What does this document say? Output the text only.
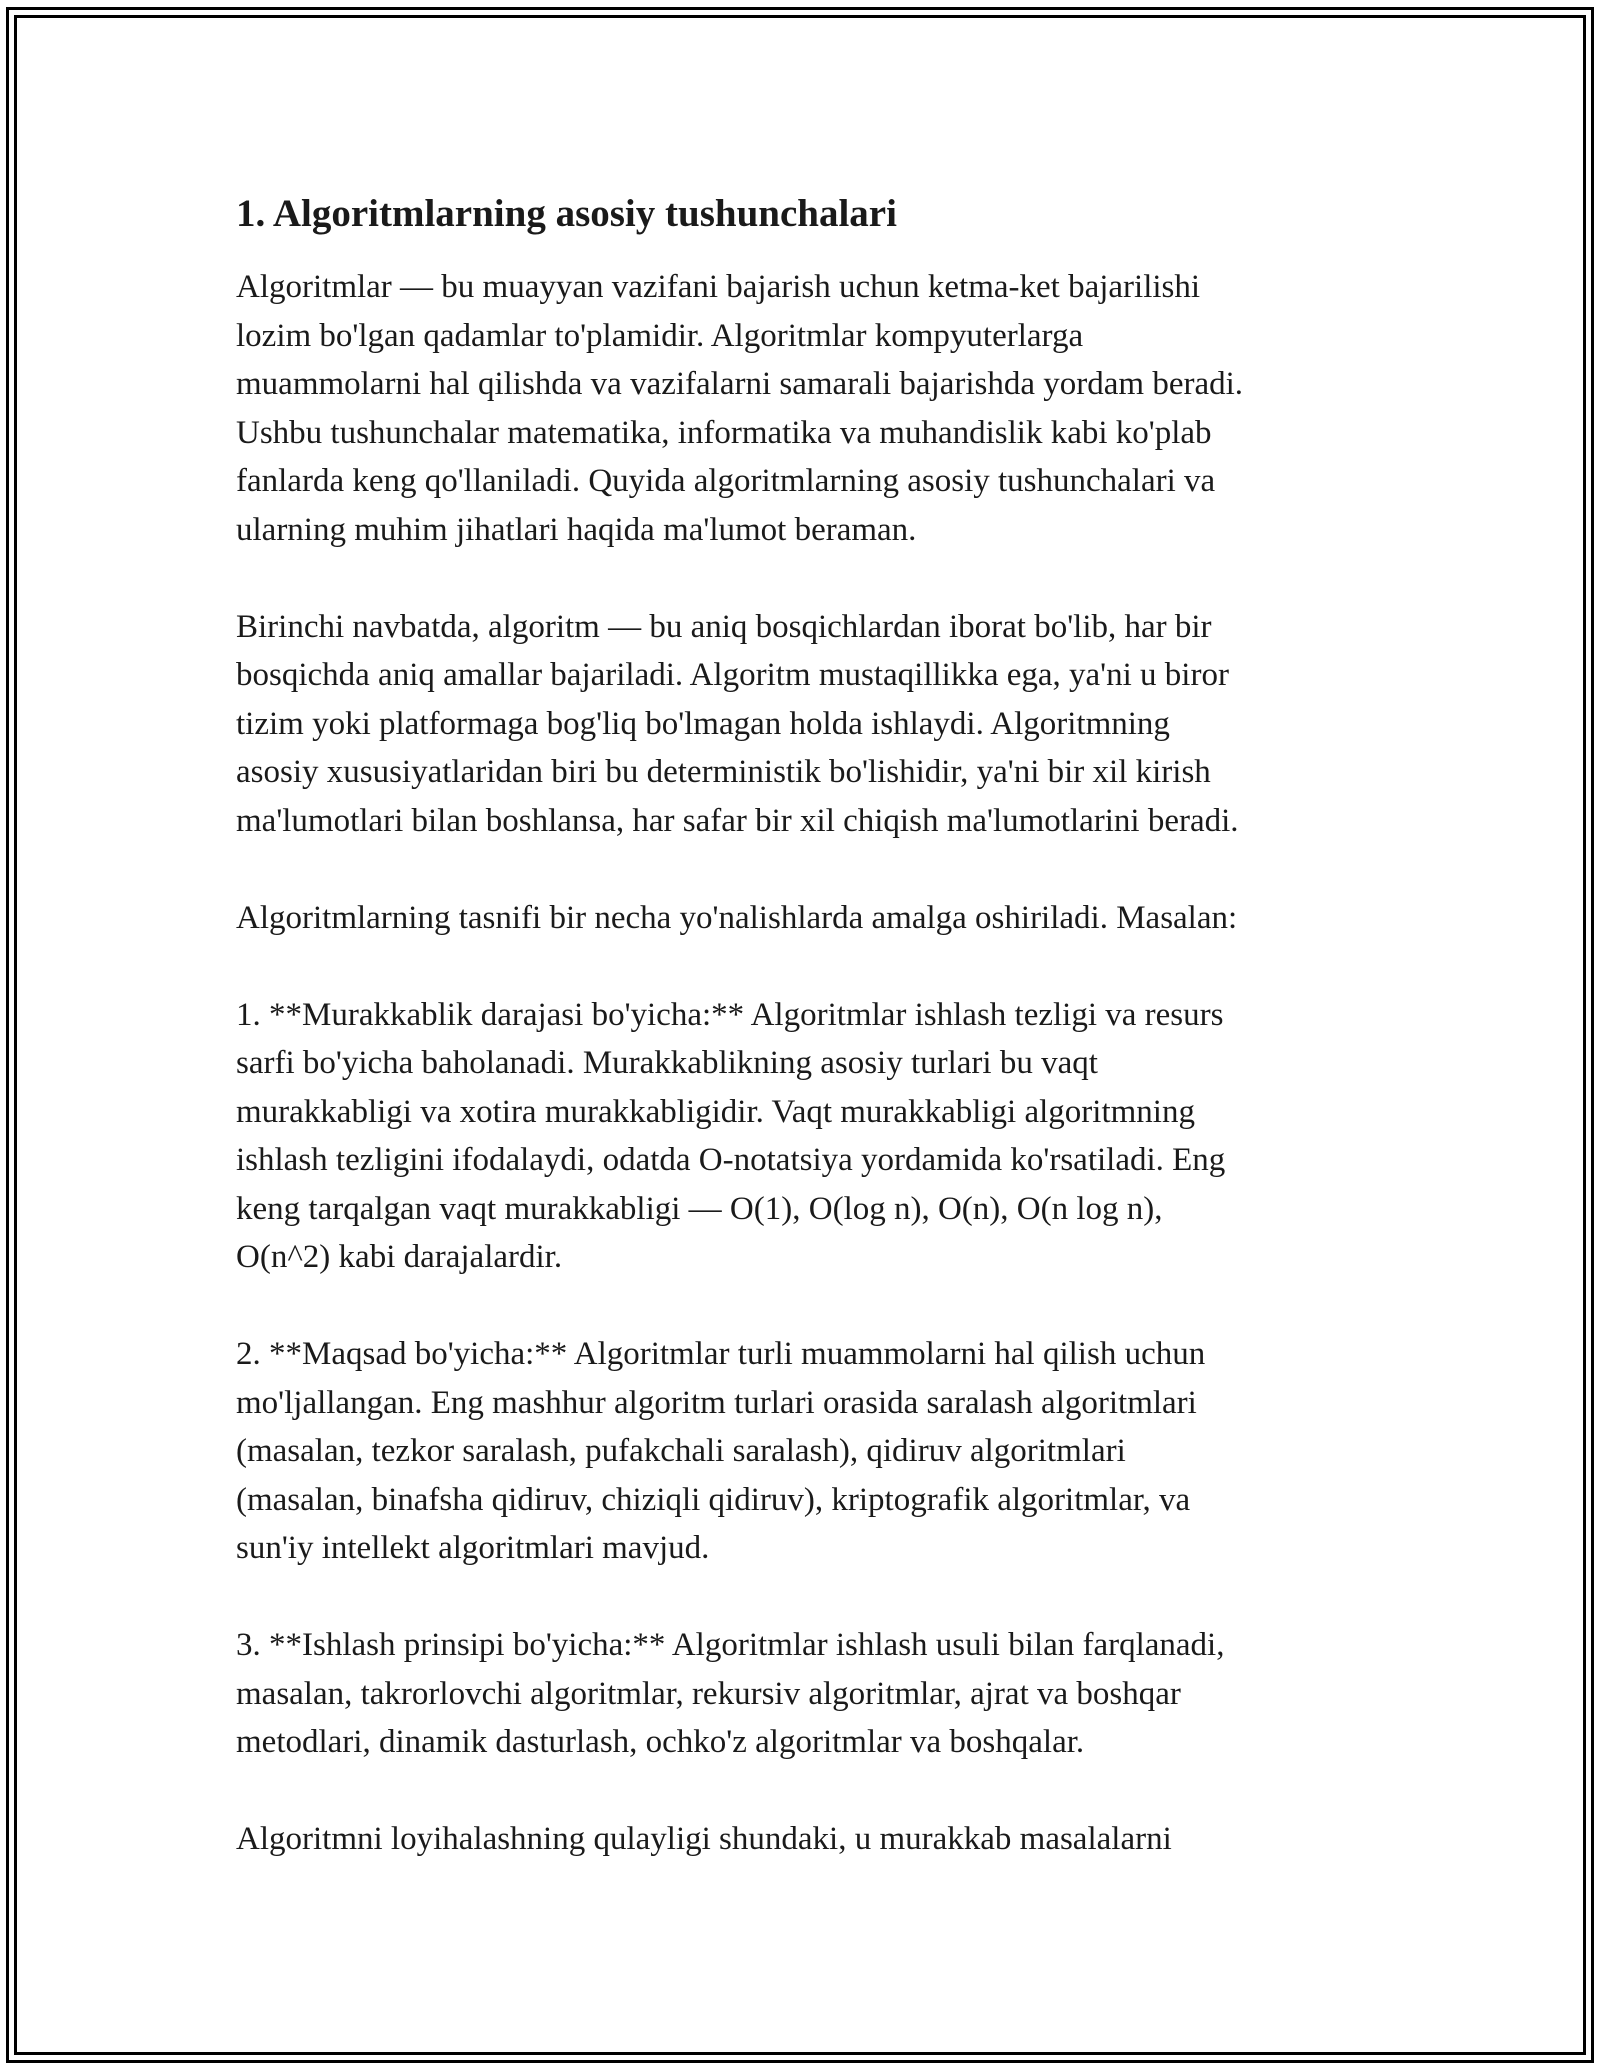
1. Algoritmlarning asosiy tushunchalari

Algoritmlar — bu muayyan vazifani bajarish uchun ketma-ket bajarilishi
lozim bo'lgan qadamlar to'plamidir. Algoritmlar kompyuterlarga
muammolarni hal qilishda va vazifalarni samarali bajarishda yordam beradi.
Ushbu tushunchalar matematika, informatika va muhandislik kabi ko'plab
fanlarda keng qo'llaniladi. Quyida algoritmlarning asosiy tushunchalari va
ularning muhim jihatlari haqida ma'lumot beraman.

Birinchi navbatda, algoritm — bu aniq bosqichlardan iborat bo'lib, har bir
bosqichda aniq amallar bajariladi. Algoritm mustaqillikka ega, ya'ni u biror
tizim yoki platformaga bog'liq bo'lmagan holda ishlaydi. Algoritmning
asosiy xususiyatlaridan biri bu deterministik bo'lishidir, ya'ni bir xil kirish
ma'lumotlari bilan boshlansa, har safar bir xil chiqish ma'lumotlarini beradi.

Algoritmlarning tasnifi bir necha yo'nalishlarda amalga oshiriladi. Masalan:

1. **Murakkablik darajasi bo'yicha:** Algoritmlar ishlash tezligi va resurs
sarfi bo'yicha baholanadi. Murakkablikning asosiy turlari bu vaqt
murakkabligi va xotira murakkabligidir. Vaqt murakkabligi algoritmning
ishlash tezligini ifodalaydi, odatda O-notatsiya yordamida ko'rsatiladi. Eng
keng tarqalgan vaqt murakkabligi — O(1), O(log n), O(n), O(n log n),
O(n^2) kabi darajalardir.

2. **Maqsad bo'yicha:** Algoritmlar turli muammolarni hal qilish uchun
mo'ljallangan. Eng mashhur algoritm turlari orasida saralash algoritmlari
(masalan, tezkor saralash, pufakchali saralash), qidiruv algoritmlari
(masalan, binafsha qidiruv, chiziqli qidiruv), kriptografik algoritmlar, va
sun'iy intellekt algoritmlari mavjud.

3. **Ishlash prinsipi bo'yicha:** Algoritmlar ishlash usuli bilan farqlanadi,
masalan, takrorlovchi algoritmlar, rekursiv algoritmlar, ajrat va boshqar
metodlari, dinamik dasturlash, ochko'z algoritmlar va boshqalar.

Algoritmni loyihalashning qulayligi shundaki, u murakkab masalalarni
